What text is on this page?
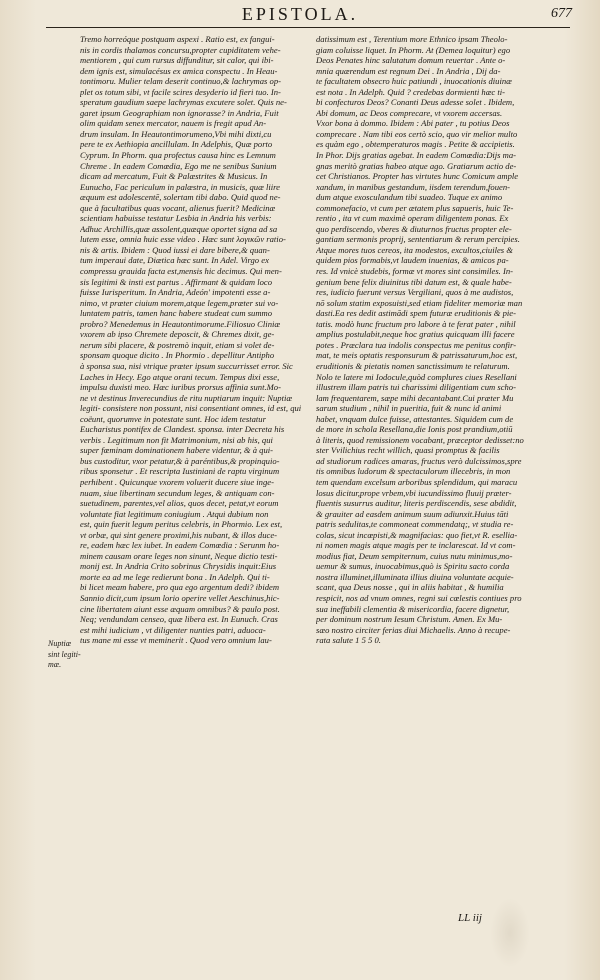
EPISTOLA.	677
Nuptiæ
sint legiti-
mæ.
Tremo horreóque postquam aspexi . Ratio est, ex fangui-
nis in cordis thalamos concursu,propter cupiditatem vehe-
mentiorem , qui cum rursus diffunditur, sit calor, qui ibi-
dem ignis est, simulacésus ex amica conspectu . In Heau-
tontimoru. Mulier telam deserit continuo,& lachrymas op-
plet os totum sibi, vt facile scires desyderio id fieri tuo. In-
speratum gaudium saepe lachrymas excutere solet. Quis ne-
garet ipsum Geographiam non ignorasse? in Andria, Fuit
olim quidam senex mercator, nauem is fregit apud An-
drum insulam. In Heautontimorumeno,Vbi mihi dixti,cu
pere te ex Aethiopia ancillulam. In Adelphis, Quæ porto
Cyprum. In Phorm. qua profectus causa hinc es Lemnum
Chreme . In eadem Comœdia, Ego me ne senibus Sunium
dicam ad mercatum, Fuit & Palæstrites & Musicus. In
Eunucho, Fac periculum in palæstra, in musicis, quæ liire
æquum est adolescentē, solertam tibi dabo. Quid quod ne-
que à facultatibus quas vocant, alienus fuerit? Medicinæ
scientiam habuisse testatur Lesbia in Andria his verbis:
Adhuc Archillis,quæ assolent,quæque oportet signa ad sa
lutem esse, omnia huic esse video . Hæc sunt λογικῶν ratio-
nis & artis. Ibidem : Quod iussi ei dare bibere,& quan-
tum imperaui date, Diætica hæc sunt. In Adel. Virgo ex
compressu grauida facta est,mensis hic decimus. Qui men-
sis legitimi & insti est partus . Affirmant & quidam loco
fuisse Iurisperitum. In Andria, Adeón' impotenti esse a-
nimo, vt præter ciuium morem,atque legem,præter sui vo-
luntatem patris, tamen hanc habere studeat cum summo
probro? Menedemus in Heautontimorume.Filiosuo Cliniæ
vxorem ab ipso Chremete deposcit, & Chremes dixit, ge-
nerum sibi placere, & postremò inquit, etiam si volet de-
sponsam quoque dicito . In Phormio . depellitur Antipho
à sponsa sua, nisi vtrique præter ipsum succurrisset error. Sic
Laches in Hecy. Ego atque orani tecum. Tempus dixi esse,
impulsu duxisti meo. Hæc iuribus prorsus affinia sunt.Mo-
ne vt destinus Inverecundius de ritu nuptiarum inquit: Nuptiæ
legiti- consistere non possunt, nisi consentiant omnes, id est, qui
coëunt, quorumve in potestate sunt. Hoc idem testatur
Eucharistus pontifex de Clandest. sponsa. inter Decreta his
verbis . Legitimum non fit Matrimonium, nisi ab his, qui
super fœminam dominationem habere videntur, & à qui-
bus custoditur, vxor petatur,& à paréntibus,& propinquio-
ribus sponsetur . Et rescripta Iustiniani de raptu virginum
perhibent . Quicunque vxorem voluerit ducere siue inge-
nuam, siue libertinam secundum leges, & antiquam con-
suetudinem, parentes,vel alios, quos decet, petat,vt eorum
voluntate fiat legitimum coniugium . Atqui dubium non
est, quin fuerit legum peritus celebris, in Phormio. Lex est,
vt orbæ, qui sint genere proximi,his nubant, & illos duce-
re, eadem hæc lex iubet. In eadem Comœdia : Serunm ho-
minem causam orare leges non sinunt, Neque dictio testi-
monij est. In Andria Crito sobrinus Chrysidis inquit:Eius
morte ea ad me lege redierunt bona . In Adelph. Qui ti-
bi licet meam habere, pro qua ego argentum dedi? ibidem
Sannio dicit,cum ipsum lorio operire vellet Aeschinus,hic-
cine libertatem aiunt esse æquam omnibus? & paulo post.
Neq; vendundam censeo, quæ libera est. In Eunuch. Cras
est mihi iudicium , vt diligenter nunties patri, aduoca-
tus mane mi esse vt meminerit . Quod vero omnium lau-
datissimum est , Terentium more Ethnico ipsam Theolo-
giam coluisse liquet. In Phorm. At (Demea loquitur) ego
Deos Penates hinc salutatum domum reuertar . Ante o-
mnia quærendum est regnum Dei . In Andria , Dij da-
te facultatem obsecro huic patiundi , inuocationis diuinæ
est nota . In Adelph. Quid ? credebas dormienti hæc ti-
bi confecturos Deos? Conanti Deus adesse solet . Ibidem,
Abi domum, ac Deos comprecare, vt vxorem accersas.
Vxor bona à dommo. Ibidem : Abi pater , tu potius Deos
comprecare . Nam tibi eos certò scio, quo vir melior multo
es quàm ego , obtemperaturos magis . Petite & accipietis.
In Phor. Dijs gratias agebat. In eadem Comœdia:Dijs ma-
gnas meritò gratias habeo atque ago. Gratiarum actio de-
cet Christianos. Propter has virtutes hunc Comicum ample
xandum, in manibus gestandum, iisdem terendum,fouen-
dum atque exosculandum tibi suadeo. Tuque ex animo
commonefacio, vt cum per ætatem plus sapueris, huic Te-
rentio , ita vt cum maximè operam diligentem ponas. Ex
quo perdiscendo, vberes & diuturnos fructus propter ele-
gantiam sermonis proprij, sententiarum & rerum percipies.
Atque mores tuos cereos, ita modestos, excultos,ciuiles &
quidem pios formabis,vt laudem inuenias, & amicos pa-
res. Id vnicè studebis, formæ vt mores sint consimiles. In-
genium bene felix diuinitus tibi datum est, & quale habe-
res, iudicio fuerunt versus Vergiliani, quos à me audistos,
nō solum statim exposuisti,sed etiam fideliter memoriæ man
dasti.Ea res dedit astimādi spem futuræ eruditionis & pie-
tatis. modò hunc fructum pro labore à te ferat pater , nihil
amplius postulabit,neque hoc gratius quicquam illi facere
potes . Præclara tua indolis conspectus me penitus confir-
mat, te meis optatis responsurum & patrissaturum,hoc est,
eruditionis & pietatis nomen sanctissimum te relaturum.
Nolo te latere mi Iodocule,quòd complures ciues Resellani
illustrem illam patris tui charissimi diligentiam cum scho-
lam frequentarem, sæpe mihi decantabant.Cui præter Mu
sarum studium , nihil in pueritia, fuit & nunc id animi
habet, vnquam dulce fuisse, attestantes. Siquidem cum de
de more in schola Resellana,die Ionis post prandium,otiū
à literis, quod remissionem vocabant, præceptor dedisset:no
ster Vvilichius recht willich, quasi promptus & facilis
ad studiorum radices amaras, fructus verò dulcissimos,spre
tis omnibus ludorum & spectaculorum illecebris, in mon
tem quendam excelsum arboribus splendidum, qui maracu
losus dicitur,prope vrbem,vbi iucundissimo fluuij præter-
fluentis susurrus auditur, literis perdiscendis, sese abdidit,
& grauiter ad easdem animum suum adiunxit.Huius tāti
patris sedulitas,te commoneat commendatq;, vt studia re-
colas, sicut incœpisti,& magnifacias: quo fiet,vt R. esellia-
ni nomen magis atque magis per te inclarescat. Id vt com-
modius fiat, Deum sempiternum, cuius nutu minimus,mo-
uemur & sumus, inuocabimus,quò is Spiritu sacto corda
nostra illuminet,illuminata illius diuina voluntate acquie-
scant, qua Deus nosse , qui in aliis habitat , & humilia
respicit, nos ad vnum omnes, regni sui cœlestis contiues pro
sua ineffabili clementia & misericordia, facere dignetur,
per dominum nostrum Iesum Christum. Amen. Ex Mu-
sæo nostro circiter ferias diui Michaelis. Anno à recupe-
rata salute 1 5 5 0.
LL iij
